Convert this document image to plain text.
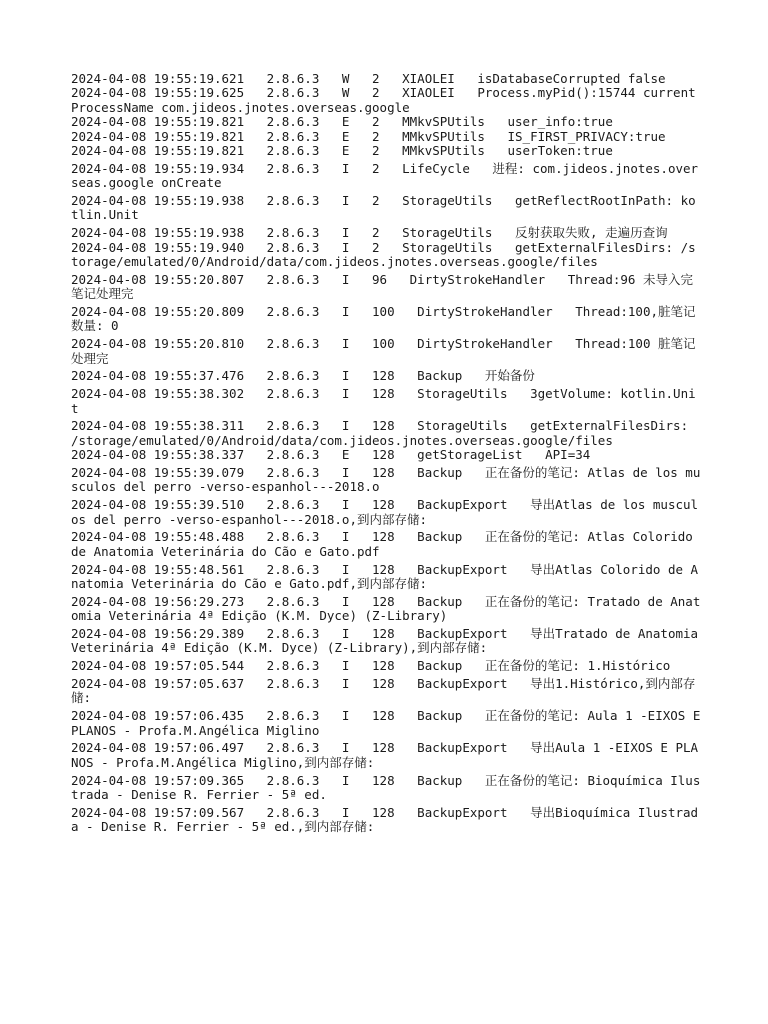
2024-04-08 19:55:19.621   2.8.6.3   W   2   XIAOLEI   isDatabaseCorrupted false
2024-04-08 19:55:19.625   2.8.6.3   W   2   XIAOLEI   Process.myPid():15744 currentProcessName com.jideos.jnotes.overseas.google
2024-04-08 19:55:19.821   2.8.6.3   E   2   MMkvSPUtils   user_info:true
2024-04-08 19:55:19.821   2.8.6.3   E   2   MMkvSPUtils   IS_FIRST_PRIVACY:true
2024-04-08 19:55:19.821   2.8.6.3   E   2   MMkvSPUtils   userToken:true
2024-04-08 19:55:19.934   2.8.6.3   I   2   LifeCycle   进程: com.jideos.jnotes.overseas.google onCreate
2024-04-08 19:55:19.938   2.8.6.3   I   2   StorageUtils   getReflectRootInPath: kotlin.Unit
2024-04-08 19:55:19.938   2.8.6.3   I   2   StorageUtils   反射获取失败, 走遍历查询
2024-04-08 19:55:19.940   2.8.6.3   I   2   StorageUtils   getExternalFilesDirs: /storage/emulated/0/Android/data/com.jideos.jnotes.overseas.google/files
2024-04-08 19:55:20.807   2.8.6.3   I   96   DirtyStrokeHandler   Thread:96 未导入完笔记处理完
2024-04-08 19:55:20.809   2.8.6.3   I   100   DirtyStrokeHandler   Thread:100,脏笔记数量: 0
2024-04-08 19:55:20.810   2.8.6.3   I   100   DirtyStrokeHandler   Thread:100 脏笔记处理完
2024-04-08 19:55:37.476   2.8.6.3   I   128   Backup   开始备份
2024-04-08 19:55:38.302   2.8.6.3   I   128   StorageUtils   3getVolume: kotlin.Unit
2024-04-08 19:55:38.311   2.8.6.3   I   128   StorageUtils   getExternalFilesDirs: /storage/emulated/0/Android/data/com.jideos.jnotes.overseas.google/files
2024-04-08 19:55:38.337   2.8.6.3   E   128   getStorageList   API=34
2024-04-08 19:55:39.079   2.8.6.3   I   128   Backup   正在备份的笔记: Atlas de los musculos del perro -verso-espanhol---2018.o
2024-04-08 19:55:39.510   2.8.6.3   I   128   BackupExport   导出Atlas de los musculos del perro -verso-espanhol---2018.o,到内部存储:
2024-04-08 19:55:48.488   2.8.6.3   I   128   Backup   正在备份的笔记: Atlas Colorido de Anatomia Veterinária do Cão e Gato.pdf
2024-04-08 19:55:48.561   2.8.6.3   I   128   BackupExport   导出Atlas Colorido de Anatomia Veterinária do Cão e Gato.pdf,到内部存储:
2024-04-08 19:56:29.273   2.8.6.3   I   128   Backup   正在备份的笔记: Tratado de Anatomia Veterinária 4ª Edição (K.M. Dyce) (Z-Library)
2024-04-08 19:56:29.389   2.8.6.3   I   128   BackupExport   导出Tratado de Anatomia Veterinária 4ª Edição (K.M. Dyce) (Z-Library),到内部存储:
2024-04-08 19:57:05.544   2.8.6.3   I   128   Backup   正在备份的笔记: 1.Histórico
2024-04-08 19:57:05.637   2.8.6.3   I   128   BackupExport   导出1.Histórico,到内部存储:
2024-04-08 19:57:06.435   2.8.6.3   I   128   Backup   正在备份的笔记: Aula 1 -EIXOS E PLANOS - Profa.M.Angélica Miglino
2024-04-08 19:57:06.497   2.8.6.3   I   128   BackupExport   导出Aula 1 -EIXOS E PLANOS - Profa.M.Angélica Miglino,到内部存储:
2024-04-08 19:57:09.365   2.8.6.3   I   128   Backup   正在备份的笔记: Bioquímica Ilustrada - Denise R. Ferrier - 5ª ed.
2024-04-08 19:57:09.567   2.8.6.3   I   128   BackupExport   导出Bioquímica Ilustrada - Denise R. Ferrier - 5ª ed.,到内部存储:
